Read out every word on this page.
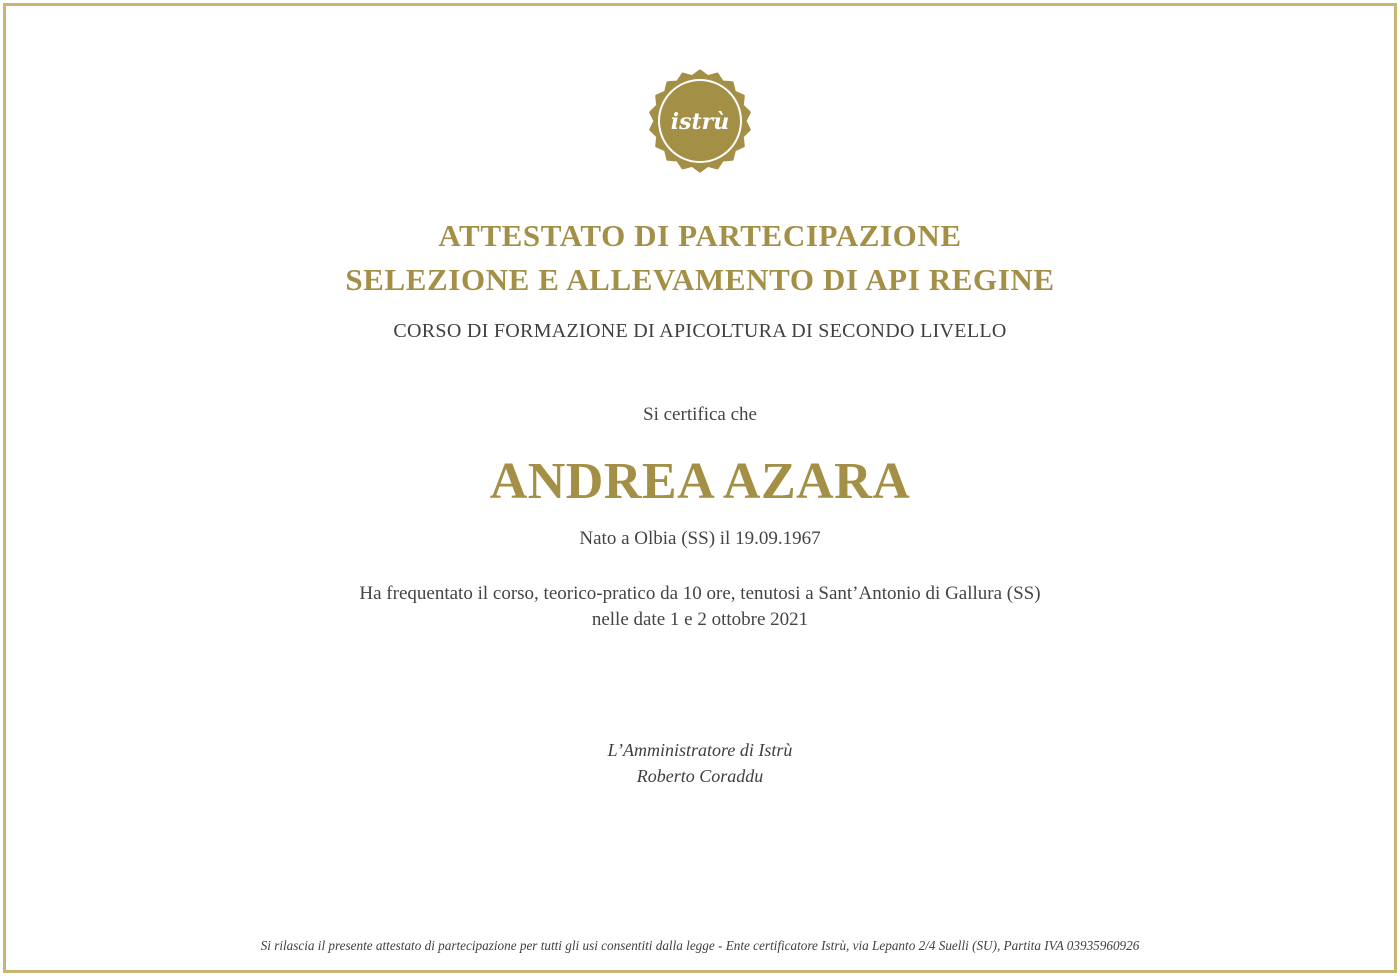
istrù
ATTESTATO DI PARTECIPAZIONE
SELEZIONE E ALLEVAMENTO DI API REGINE
CORSO DI FORMAZIONE DI APICOLTURA DI SECONDO LIVELLO
Si certifica che
ANDREA AZARA
Nato a Olbia (SS) il 19.09.1967
Ha frequentato il corso, teorico-pratico da 10 ore, tenutosi a Sant’Antonio di Gallura (SS)
nelle date 1 e 2 ottobre 2021
L’Amministratore di Istrù
Roberto Coraddu
Si rilascia il presente attestato di partecipazione per tutti gli usi consentiti dalla legge - Ente certificatore Istrù, via Lepanto 2/4 Suelli (SU), Partita IVA 03935960926
